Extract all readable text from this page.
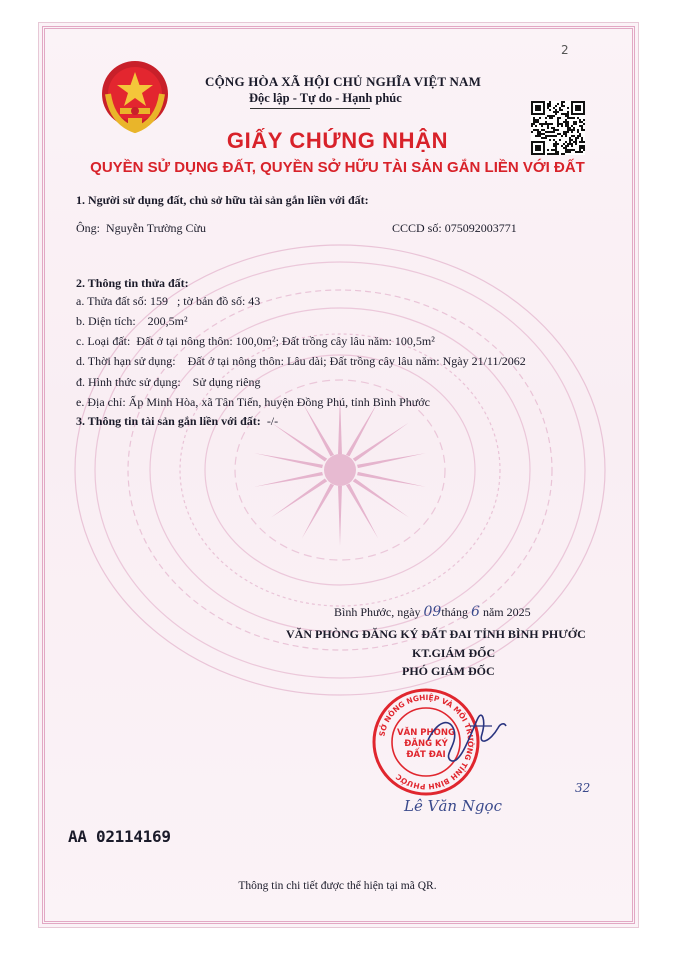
2
CỘNG HÒA XÃ HỘI CHỦ NGHĨA VIỆT NAM
Độc lập - Tự do - Hạnh phúc
GIẤY CHỨNG NHẬN
QUYỀN SỬ DỤNG ĐẤT, QUYỀN SỞ HỮU TÀI SẢN GẮN LIỀN VỚI ĐẤT
1. Người sử dụng đất, chủ sở hữu tài sản gắn liền với đất:
Ông: Nguyễn Trường Cừu	CCCD số: 075092003771
2. Thông tin thửa đất:
a. Thửa đất số: 159 ; tờ bản đồ số: 43
b. Diện tích: 200,5m²
c. Loại đất: Đất ở tại nông thôn: 100,0m²; Đất trồng cây lâu năm: 100,5m²
d. Thời hạn sử dụng: Đất ở tại nông thôn: Lâu dài; Đất trồng cây lâu năm: Ngày 21/11/2062
đ. Hình thức sử dụng: Sử dụng riêng
e. Địa chỉ: Ấp Minh Hòa, xã Tân Tiến, huyện Đồng Phú, tỉnh Bình Phước
3. Thông tin tài sản gắn liền với đất: -/-
Bình Phước, ngày 09tháng 6 năm 2025
VĂN PHÒNG ĐĂNG KÝ ĐẤT ĐAI TỈNH BÌNH PHƯỚC
KT.GIÁM ĐỐC
PHÓ GIÁM ĐỐC
SỞ NÔNG NGHIỆP VÀ MÔI TRƯỜNG TỈNH BÌNH PHƯỚC
VĂN PHÒNG
ĐĂNG KÝ
ĐẤT ĐAI
Lê Văn Ngọc
32
AA 02114169
Thông tin chi tiết được thể hiện tại mã QR.
